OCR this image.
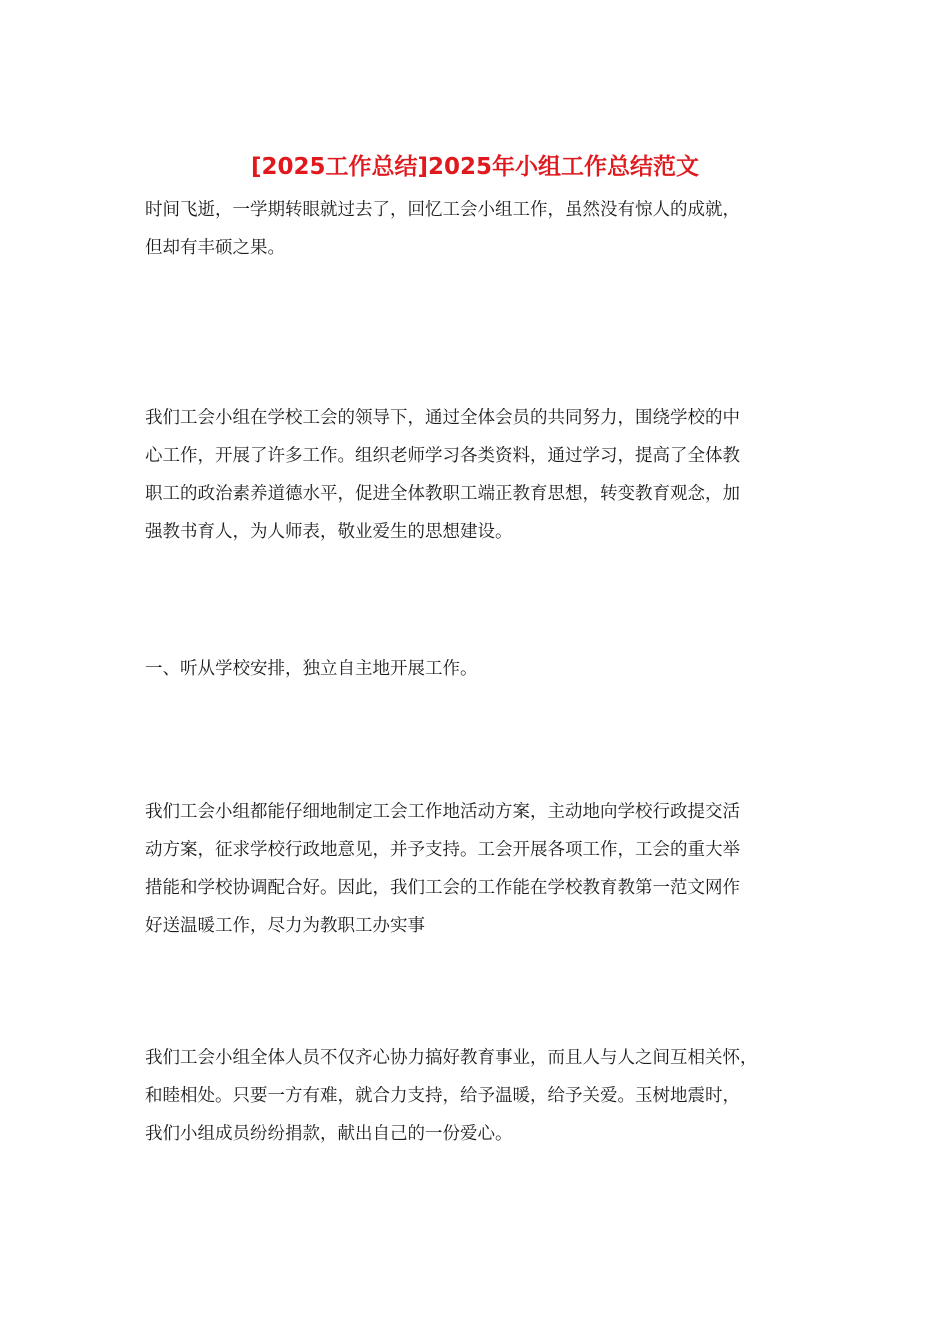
[2025工作总结]2025年小组工作总结范文
时间飞逝，一学期转眼就过去了，回忆工会小组工作，虽然没有惊人的成就，
但却有丰硕之果。
我们工会小组在学校工会的领导下，通过全体会员的共同努力，围绕学校的中
心工作，开展了许多工作。组织老师学习各类资料，通过学习，提高了全体教
职工的政治素养道德水平，促进全体教职工端正教育思想，转变教育观念，加
强教书育人，为人师表，敬业爱生的思想建设。
一、听从学校安排，独立自主地开展工作。
我们工会小组都能仔细地制定工会工作地活动方案，主动地向学校行政提交活
动方案，征求学校行政地意见，并予支持。工会开展各项工作，工会的重大举
措能和学校协调配合好。因此，我们工会的工作能在学校教育教第一范文网作
好送温暖工作，尽力为教职工办实事
我们工会小组全体人员不仅齐心协力搞好教育事业，而且人与人之间互相关怀，
和睦相处。只要一方有难，就合力支持，给予温暖，给予关爱。玉树地震时，
我们小组成员纷纷捐款，献出自己的一份爱心。
